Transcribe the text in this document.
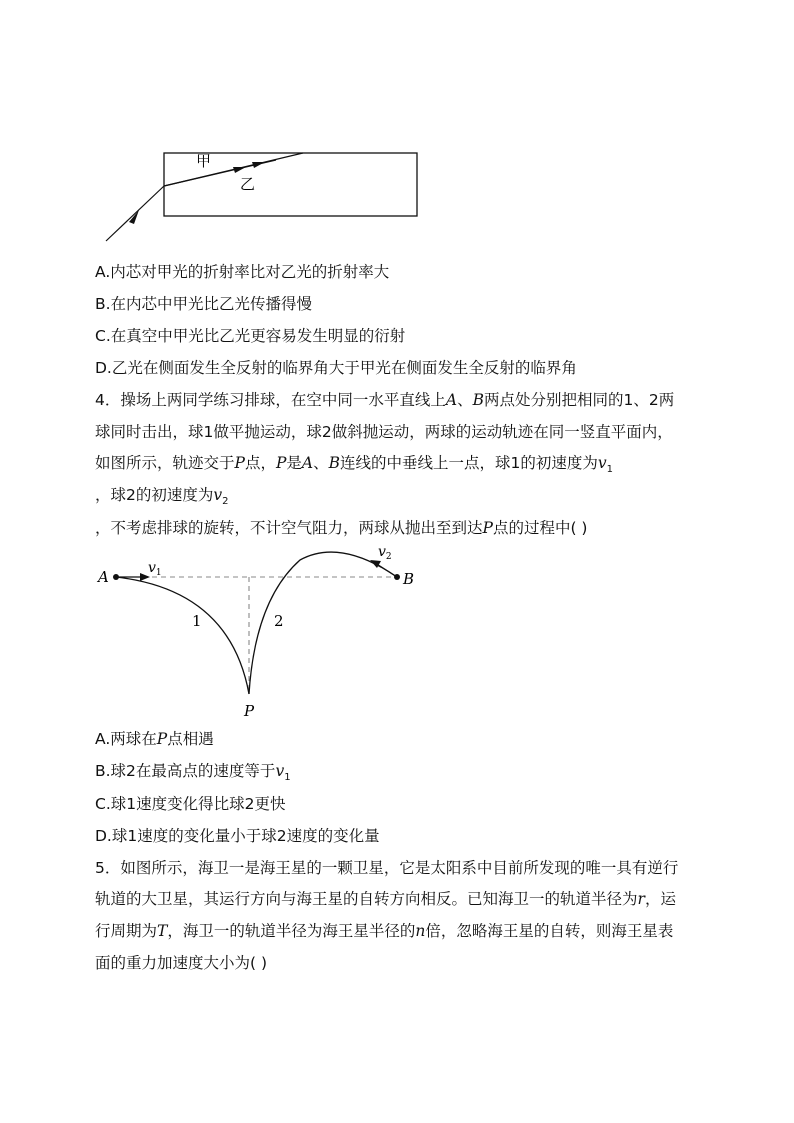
甲
乙
A.内芯对甲光的折射率比对乙光的折射率大
B.在内芯中甲光比乙光传播得慢
C.在真空中甲光比乙光更容易发生明显的衍射
D.乙光在侧面发生全反射的临界角大于甲光在侧面发生全反射的临界角
4．操场上两同学练习排球，在空中同一水平直线上A、B两点处分别把相同的1、2两
球同时击出，球1做平抛运动，球2做斜抛运动，两球的运动轨迹在同一竖直平面内，
如图所示，轨迹交于P点，P是A、B连线的中垂线上一点，球1的初速度为$v_1$
，球2的初速度为$v_2$
，不考虑排球的旋转，不计空气阻力，两球从抛出至到达P点的过程中( )
A	B
P
$v_1$
$v_2$
1	2
A.两球在P点相遇
B.球2在最高点的速度等于$v_1$
C.球1速度变化得比球2更快
D.球1速度的变化量小于球2速度的变化量
5．如图所示，海卫一是海王星的一颗卫星，它是太阳系中目前所发现的唯一具有逆行
轨道的大卫星，其运行方向与海王星的自转方向相反。已知海卫一的轨道半径为r，运
行周期为T，海卫一的轨道半径为海王星半径的n倍，忽略海王星的自转，则海王星表
面的重力加速度大小为( )
